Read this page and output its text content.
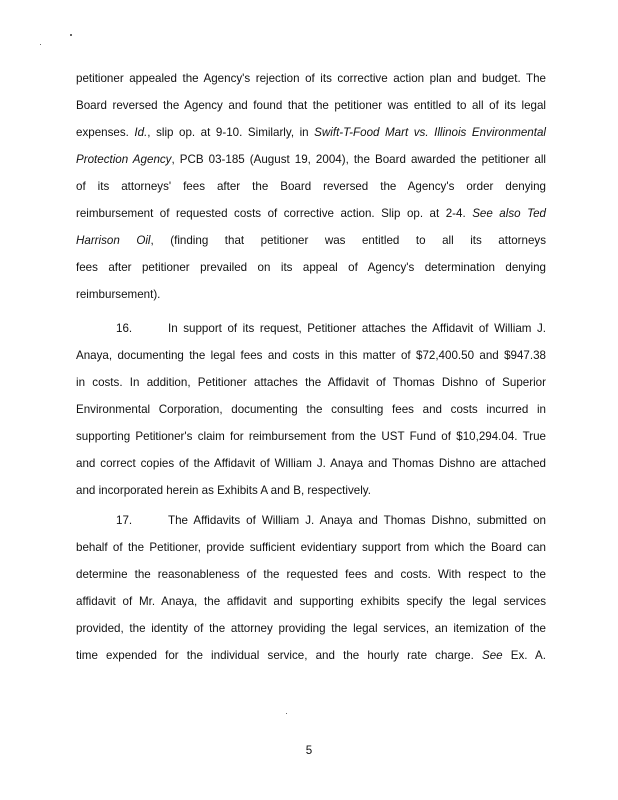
petitioner appealed the Agency's rejection of its corrective action plan and budget. The
Board reversed the Agency and found that the petitioner was entitled to all of its legal
expenses. Id., slip op. at 9-10. Similarly, in Swift-T-Food Mart vs. Illinois Environmental
Protection Agency, PCB 03-185 (August 19, 2004), the Board awarded the petitioner all
of its attorneys' fees after the Board reversed the Agency's order denying
reimbursement of requested costs of corrective action. Slip op. at 2-4. See also Ted
Harrison Oil, (finding that petitioner was entitled to all its attorneys
fees after petitioner prevailed on its appeal of Agency's determination denying
reimbursement).
16.	In support of its request, Petitioner attaches the Affidavit of William J.
Anaya, documenting the legal fees and costs in this matter of $72,400.50 and $947.38
in costs. In addition, Petitioner attaches the Affidavit of Thomas Dishno of Superior
Environmental Corporation, documenting the consulting fees and costs incurred in
supporting Petitioner's claim for reimbursement from the UST Fund of $10,294.04. True
and correct copies of the Affidavit of William J. Anaya and Thomas Dishno are attached
and incorporated herein as Exhibits A and B, respectively.
17.	The Affidavits of William J. Anaya and Thomas Dishno, submitted on
behalf of the Petitioner, provide sufficient evidentiary support from which the Board can
determine the reasonableness of the requested fees and costs. With respect to the
affidavit of Mr. Anaya, the affidavit and supporting exhibits specify the legal services
provided, the identity of the attorney providing the legal services, an itemization of the
time expended for the individual service, and the hourly rate charge. See Ex. A.
5
